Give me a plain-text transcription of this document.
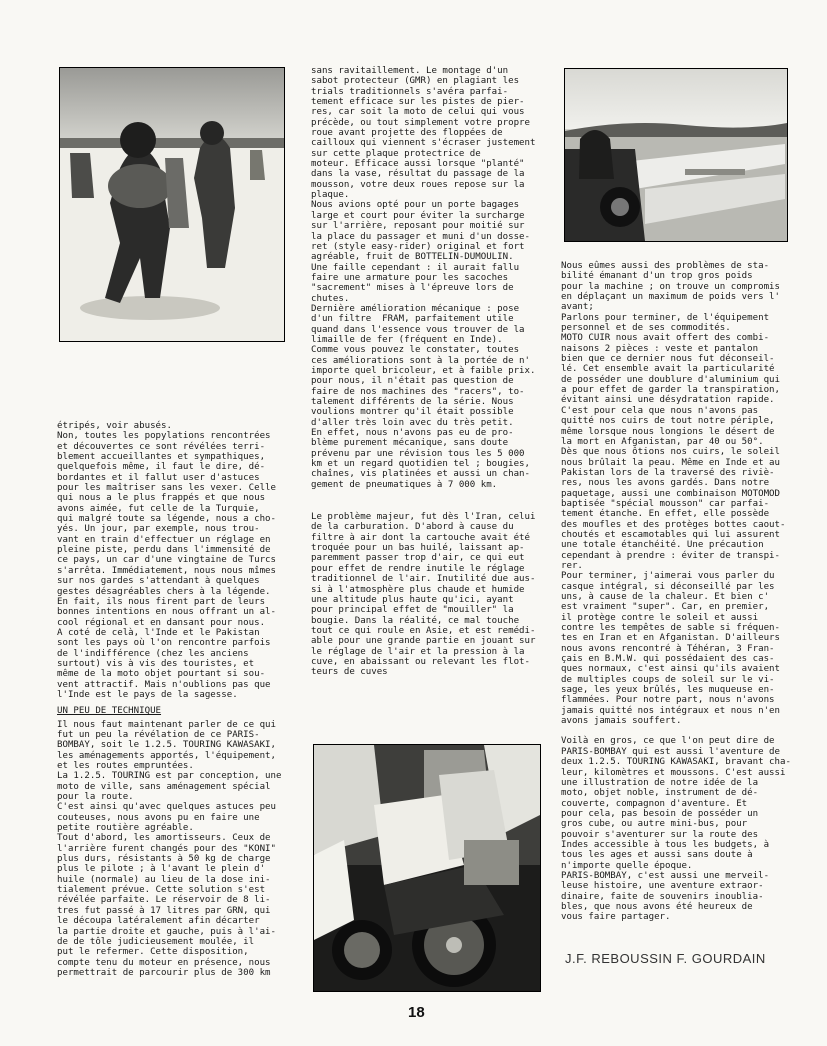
étripés, voir abusés.

Non, toutes les popylations rencontrées

et découvertes ce sont révélées terri-

blement accueillantes et sympathiques,

quelquefois même, il faut le dire, dé-

bordantes et il fallut user d'astuces

pour les maîtriser sans les vexer. Celle

qui nous a le plus frappés et que nous

avons aimée, fut celle de la Turquie,

qui malgré toute sa légende, nous a cho-

yés. Un jour, par exemple, nous trou-

vant en train d'effectuer un réglage en

pleine piste, perdu dans l'immensité de

ce pays, un car d'une vingtaine de Turcs

s'arrêta. Immédiatement, nous nous mîmes

sur nos gardes s'attendant à quelques

gestes désagréables chers à la légende.

En fait, ils nous firent part de leurs

bonnes intentions en nous offrant un al-

cool régional et en dansant pour nous.

A coté de celà, l'Inde et le Pakistan

sont les pays où l'on rencontre parfois

de l'indifférence (chez les anciens

surtout) vis à vis des touristes, et

même de la moto objet pourtant si sou-

vent attractif. Mais n'oublions pas que

l'Inde est le pays de la sagesse.

UN PEU DE TECHNIQUE

Il nous faut maintenant parler de ce qui

fut un peu la révélation de ce PARIS-

BOMBAY, soit le 1.2.5. TOURING KAWASAKI,

les aménagements apportés, l'équipement,

et les routes empruntées.

La 1.2.5. TOURING est par conception, une

moto de ville, sans aménagement spécial

pour la route.

C'est ainsi qu'avec quelques astuces peu

couteuses, nous avons pu en faire une

petite routière agréable.

Tout d'abord, les amortisseurs. Ceux de

l'arrière furent changés pour des "KONI"

plus durs, résistants à 50 kg de charge

plus le pilote ; à l'avant le plein d'

huile (normale) au lieu de la dose ini-

tialement prévue. Cette solution s'est

révélée parfaite. Le réservoir de 8 li-

tres fut passé à 17 litres par GRN, qui

le découpa latéralement afin décarter

la partie droite et gauche, puis à l'ai-

de de tôle judicieusement moulée, il

put le refermer. Cette disposition,

compte tenu du moteur en présence, nous

permettrait de parcourir plus de 300 km

sans ravitaillement. Le montage d'un

sabot protecteur (GMR) en plagiant les

trials traditionnels s'avéra parfai-

tement efficace sur les pistes de pier-

res, car soit la moto de celui qui vous

précède, ou tout simplement votre propre

roue avant projette des floppées de

cailloux qui viennent s'écraser justement

sur cette plaque protectrice de

moteur. Efficace aussi lorsque "planté"

dans la vase, résultat du passage de la

mousson, votre deux roues repose sur la

plaque.

Nous avions opté pour un porte bagages

large et court pour éviter la surcharge

sur l'arrière, reposant pour moitié sur

la place du passager et muni d'un dosse-

ret (style easy-rider) original et fort

agréable, fruit de BOTTELIN-DUMOULIN.

Une faille cependant : il aurait fallu

faire une armature pour les sacoches

"sacrement" mises à l'épreuve lors de

chutes.

Dernière amélioration mécanique : pose

d'un filtre  FRAM, parfaitement utile

quand dans l'essence vous trouver de la

limaille de fer (fréquent en Inde).

Comme vous pouvez le constater, toutes

ces améliorations sont à la portée de n'

importe quel bricoleur, et à faible prix.

pour nous, il n'était pas question de

faire de nos machines des "racers", to-

talement différents de la série. Nous

voulions montrer qu'il était possible

d'aller très loin avec du très petit.

En effet, nous n'avons pas eu de pro-

blème purement mécanique, sans doute

prévenu par une révision tous les 5 000

km et un regard quotidien tel ; bougies,

chaînes, vis platinées et aussi un chan-

gement de pneumatiques à 7 000 km.

Le problème majeur, fut dès l'Iran, celui

de la carburation. D'abord à cause du

filtre à air dont la cartouche avait été

troquée pour un bas huilé, laissant ap-

paremment passer trop d'air, ce qui eut

pour effet de rendre inutile le réglage

traditionnel de l'air. Inutilité due aus-

si à l'atmosphère plus chaude et humide

une altitude plus haute qu'ici, ayant

pour principal effet de "mouiller" la

bougie. Dans la réalité, ce mal touche

tout ce qui roule en Asie, et est remédi-

able pour une grande partie en jouant sur

le réglage de l'air et la pression à la

cuve, en abaissant ou relevant les flot-

teurs de cuves

Nous eûmes aussi des problèmes de sta-

bilité émanant d'un trop gros poids

pour la machine ; on trouve un compromis

en déplaçant un maximum de poids vers l'

avant;

Parlons pour terminer, de l'équipement

personnel et de ses commodités.

MOTO CUIR nous avait offert des combi-

naisons 2 pièces : veste et pantalon

bien que ce dernier nous fut déconseil-

lé. Cet ensemble avait la particularité

de posséder une doublure d'aluminium qui

a pour effet de garder la transpiration,

évitant ainsi une désydratation rapide.

C'est pour cela que nous n'avons pas

quitté nos cuirs de tout notre périple,

même lorsque nous longions le désert de

la mort en Afganistan, par 40 ou 50°.

Dès que nous ôtions nos cuirs, le soleil

nous brûlait la peau. Même en Inde et au

Pakistan lors de la traversé des riviè-

res, nous les avons gardés. Dans notre

paquetage, aussi une combinaison MOTOMOD

baptisée "spécial mousson" car parfai-

tement étanche. En effet, elle possède

des moufles et des protèges bottes caout-

choutés et escamotables qui lui assurent

une totale étanchéité. Une précaution

cependant à prendre : éviter de transpi-

rer.

Pour terminer, j'aimerai vous parler du

casque intégral, si déconseillé par les

uns, à cause de la chaleur. Et bien c'

est vraiment "super". Car, en premier,

il protège contre le soleil et aussi

contre les tempêtes de sable si fréquen-

tes en Iran et en Afganistan. D'ailleurs

nous avons rencontré à Téhéran, 3 Fran-

çais en B.M.W. qui possédaient des cas-

ques normaux, c'est ainsi qu'ils avaient

de multiples coups de soleil sur le vi-

sage, les yeux brûlés, les muqueuse en-

flammées. Pour notre part, nous n'avons

jamais quitté nos intégraux et nous n'en

avons jamais souffert.

Voilà en gros, ce que l'on peut dire de

PARIS-BOMBAY qui est aussi l'aventure de

deux 1.2.5. TOURING KAWASAKI, bravant cha-

leur, kilomètres et moussons. C'est aussi

une illustration de notre idée de la

moto, objet noble, instrument de dé-

couverte, compagnon d'aventure. Et

pour cela, pas besoin de posséder un

gros cube, ou autre mini-bus, pour

pouvoir s'aventurer sur la route des

Indes accessible à tous les budgets, à

tous les ages et aussi sans doute à

n'importe quelle époque.

PARIS-BOMBAY, c'est aussi une merveil-

leuse histoire, une aventure extraor-

dinaire, faite de souvenirs inoublia-

bles, que nous avons été heureux de

vous faire partager.

J.F. REBOUSSIN F. GOURDAIN
18
